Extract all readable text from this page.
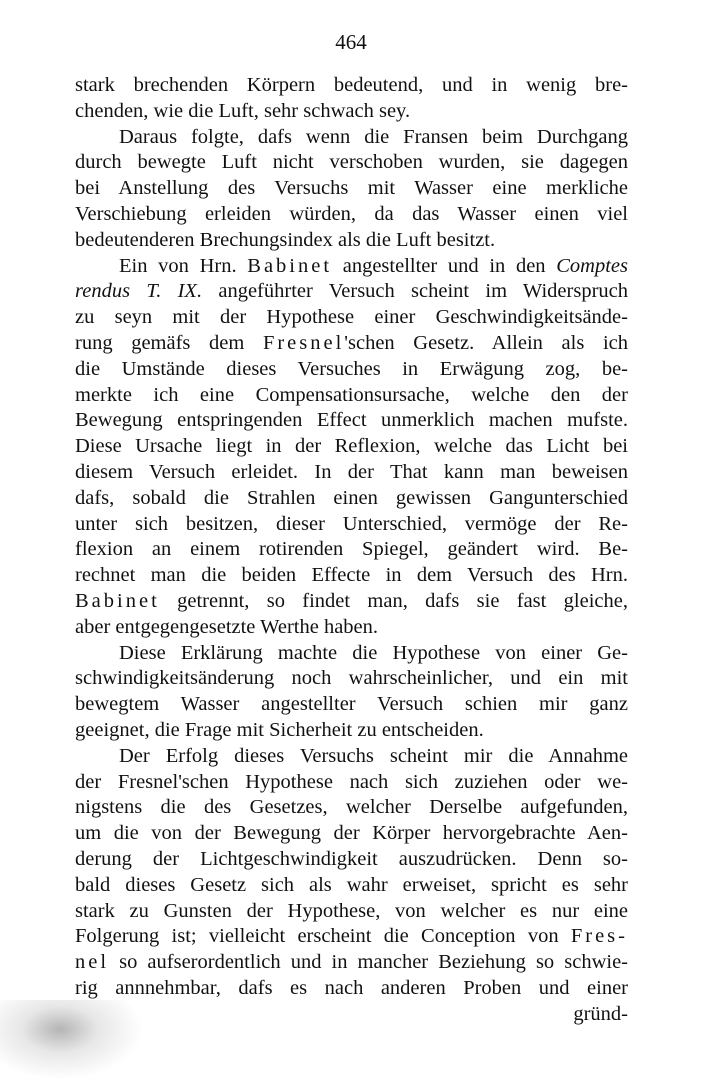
464
stark brechenden Körpern bedeutend, und in wenig bre-
chenden, wie die Luft, sehr schwach sey.
Daraus folgte, dafs wenn die Fransen beim Durchgang
durch bewegte Luft nicht verschoben wurden, sie dagegen
bei Anstellung des Versuchs mit Wasser eine merkliche
Verschiebung erleiden würden, da das Wasser einen viel
bedeutenderen Brechungsindex als die Luft besitzt.
Ein von Hrn. Babinet angestellter und in den Comptes
rendus T. IX. angeführter Versuch scheint im Widerspruch
zu seyn mit der Hypothese einer Geschwindigkeitsände-
rung gemäfs dem Fresnel'schen Gesetz. Allein als ich
die Umstände dieses Versuches in Erwägung zog, be-
merkte ich eine Compensationsursache, welche den der
Bewegung entspringenden Effect unmerklich machen mufste.
Diese Ursache liegt in der Reflexion, welche das Licht bei
diesem Versuch erleidet. In der That kann man beweisen
dafs, sobald die Strahlen einen gewissen Gangunterschied
unter sich besitzen, dieser Unterschied, vermöge der Re-
flexion an einem rotirenden Spiegel, geändert wird. Be-
rechnet man die beiden Effecte in dem Versuch des Hrn.
Babinet getrennt, so findet man, dafs sie fast gleiche,
aber entgegengesetzte Werthe haben.
Diese Erklärung machte die Hypothese von einer Ge-
schwindigkeitsänderung noch wahrscheinlicher, und ein mit
bewegtem Wasser angestellter Versuch schien mir ganz
geeignet, die Frage mit Sicherheit zu entscheiden.
Der Erfolg dieses Versuchs scheint mir die Annahme
der Fresnel'schen Hypothese nach sich zuziehen oder we-
nigstens die des Gesetzes, welcher Derselbe aufgefunden,
um die von der Bewegung der Körper hervorgebrachte Aen-
derung der Lichtgeschwindigkeit auszudrücken. Denn so-
bald dieses Gesetz sich als wahr erweiset, spricht es sehr
stark zu Gunsten der Hypothese, von welcher es nur eine
Folgerung ist; vielleicht erscheint die Conception von Fres-
nel so aufserordentlich und in mancher Beziehung so schwie-
rig annnehmbar, dafs es nach anderen Proben und einer
gründ-
